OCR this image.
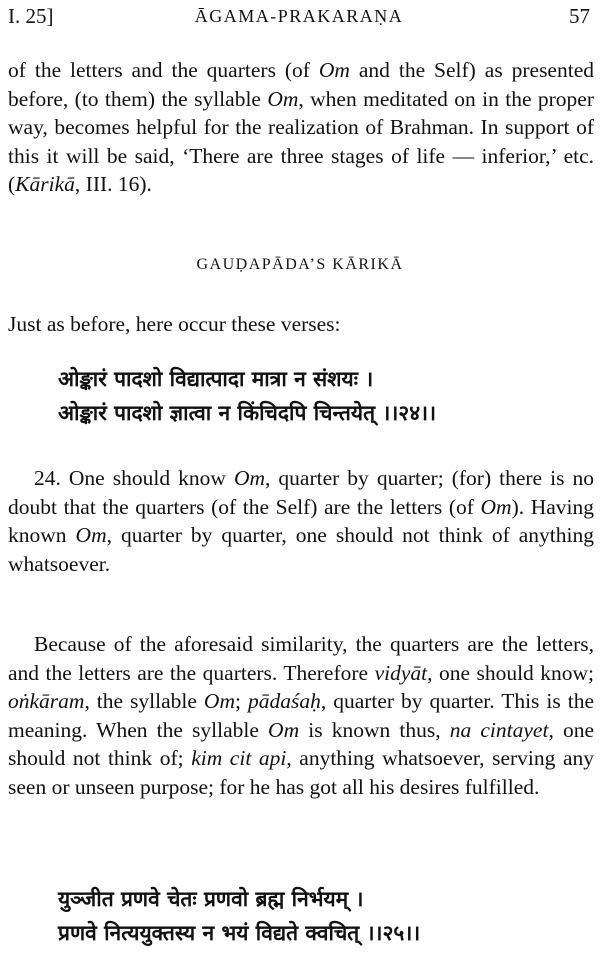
I. 25]	ĀGAMA-PRAKARAṆA	57

of the letters and the quarters (of Om and the Self) as presented before, (to them) the syllable Om, when meditated on in the proper way, becomes helpful for the realization of Brahman. In support of this it will be said, ‘There are three stages of life — inferior,’ etc. (Kārikā, III. 16).

GAUḌAPĀDA’S KĀRIKĀ

Just as before, here occur these verses:

ओङ्कारं पादशो विद्यात्पादा मात्रा न संशयः ।
ओङ्कारं पादशो ज्ञात्वा न किंचिदपि चिन्तयेत् ।।२४।।

24. One should know Om, quarter by quarter; (for) there is no doubt that the quarters (of the Self) are the letters (of Om). Having known Om, quarter by quarter, one should not think of anything whatsoever.

Because of the aforesaid similarity, the quarters are the letters, and the letters are the quarters. Therefore vidyāt, one should know; oṅkāram, the syllable Om; pādaśaḥ, quarter by quarter. This is the meaning. When the syllable Om is known thus, na cintayet, one should not think of; kim cit api, anything whatsoever, serving any seen or unseen purpose; for he has got all his desires fulfilled.

युञ्जीत प्रणवे चेतः प्रणवो ब्रह्म निर्भयम् ।
प्रणवे नित्ययुक्तस्य न भयं विद्यते क्वचित् ।।२५।।
